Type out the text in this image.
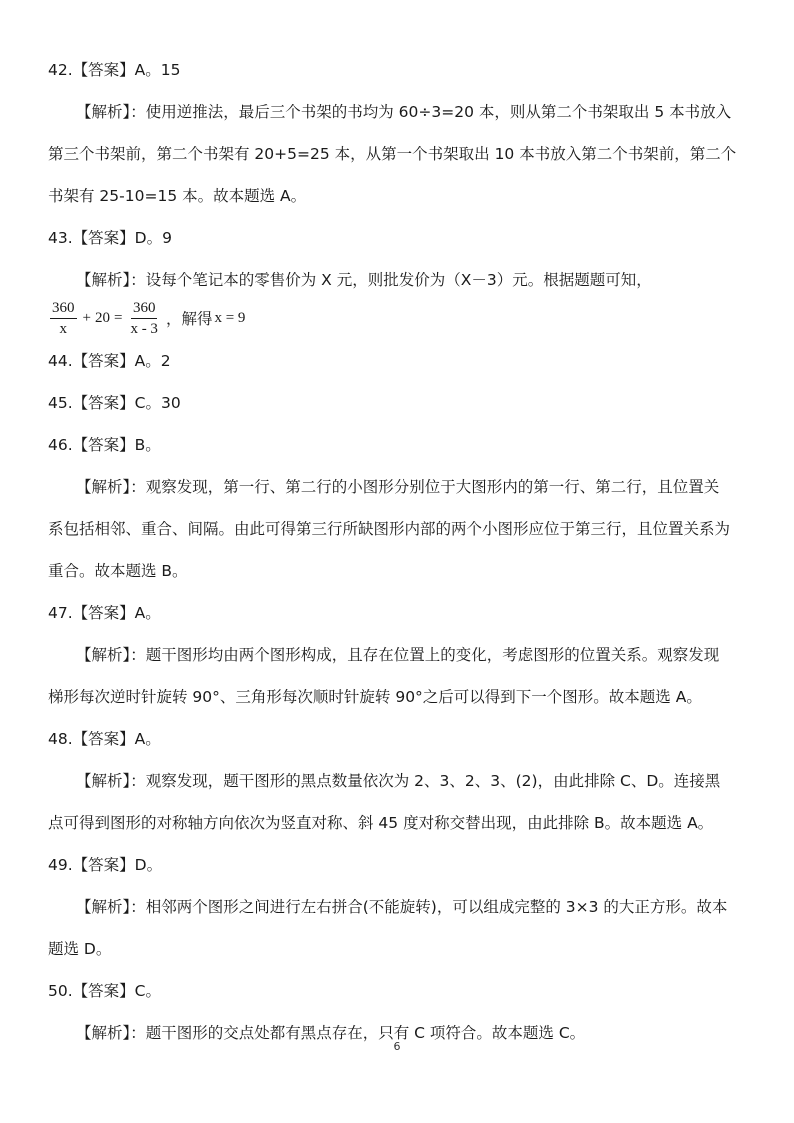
42.【答案】A。15
【解析】：使用逆推法，最后三个书架的书均为 60÷3=20 本，则从第二个书架取出 5 本书放入
第三个书架前，第二个书架有 20+5=25 本，从第一个书架取出 10 本书放入第二个书架前，第二个
书架有 25-10=15 本。故本题选 A。
43.【答案】D。9
【解析】：设每个笔记本的零售价为 X 元，则批发价为（X－3）元。根据题题可知，
$\frac{360}{x} + 20 = \frac{360}{x - 3}$ ，解得 x = 9
44.【答案】A。2
45.【答案】C。30
46.【答案】B。
【解析】：观察发现，第一行、第二行的小图形分别位于大图形内的第一行、第二行，且位置关
系包括相邻、重合、间隔。由此可得第三行所缺图形内部的两个小图形应位于第三行，且位置关系为
重合。故本题选 B。
47.【答案】A。
【解析】：题干图形均由两个图形构成，且存在位置上的变化，考虑图形的位置关系。观察发现
梯形每次逆时针旋转 90°、三角形每次顺时针旋转 90°之后可以得到下一个图形。故本题选 A。
48.【答案】A。
【解析】：观察发现，题干图形的黑点数量依次为 2、3、2、3、(2)，由此排除 C、D。连接黑
点可得到图形的对称轴方向依次为竖直对称、斜 45 度对称交替出现，由此排除 B。故本题选 A。
49.【答案】D。
【解析】：相邻两个图形之间进行左右拼合(不能旋转)，可以组成完整的 3×3 的大正方形。故本
题选 D。
50.【答案】C。
【解析】：题干图形的交点处都有黑点存在，只有 C 项符合。故本题选 C。
6
